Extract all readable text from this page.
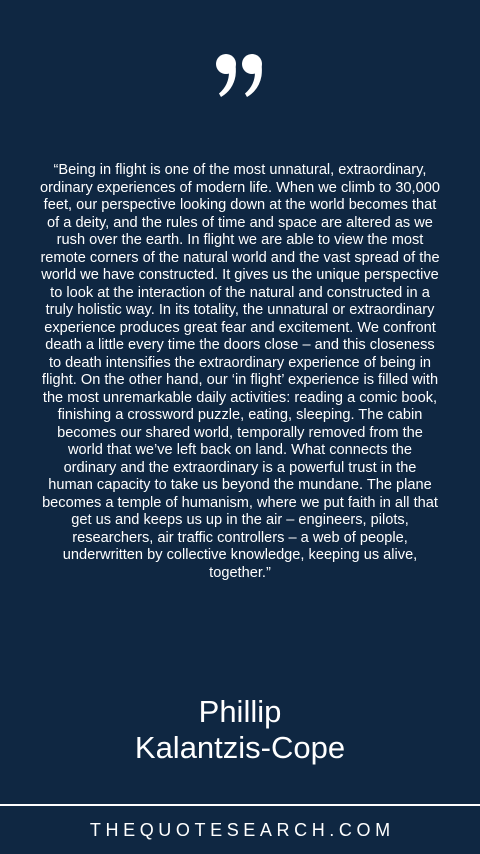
“Being in flight is one of the most unnatural, extraordinary, ordinary experiences of modern life. When we climb to 30,000 feet, our perspective looking down at the world becomes that of a deity, and the rules of time and space are altered as we rush over the earth. In flight we are able to view the most remote corners of the natural world and the vast spread of the world we have constructed. It gives us the unique perspective to look at the interaction of the natural and constructed in a truly holistic way. In its totality, the unnatural or extraordinary experience produces great fear and excitement. We confront death a little every time the doors close – and this closeness to death intensifies the extraordinary experience of being in flight. On the other hand, our ‘in flight’ experience is filled with the most unremarkable daily activities: reading a comic book, finishing a crossword puzzle, eating, sleeping. The cabin becomes our shared world, temporally removed from the world that we’ve left back on land. What connects the ordinary and the extraordinary is a powerful trust in the human capacity to take us beyond the mundane. The plane becomes a temple of humanism, where we put faith in all that get us and keeps us up in the air – engineers, pilots, researchers, air traffic controllers – a web of people, underwritten by collective knowledge, keeping us alive, together.”

Phillip
Kalantzis-Cope
THEQUOTESEARCH.COM
